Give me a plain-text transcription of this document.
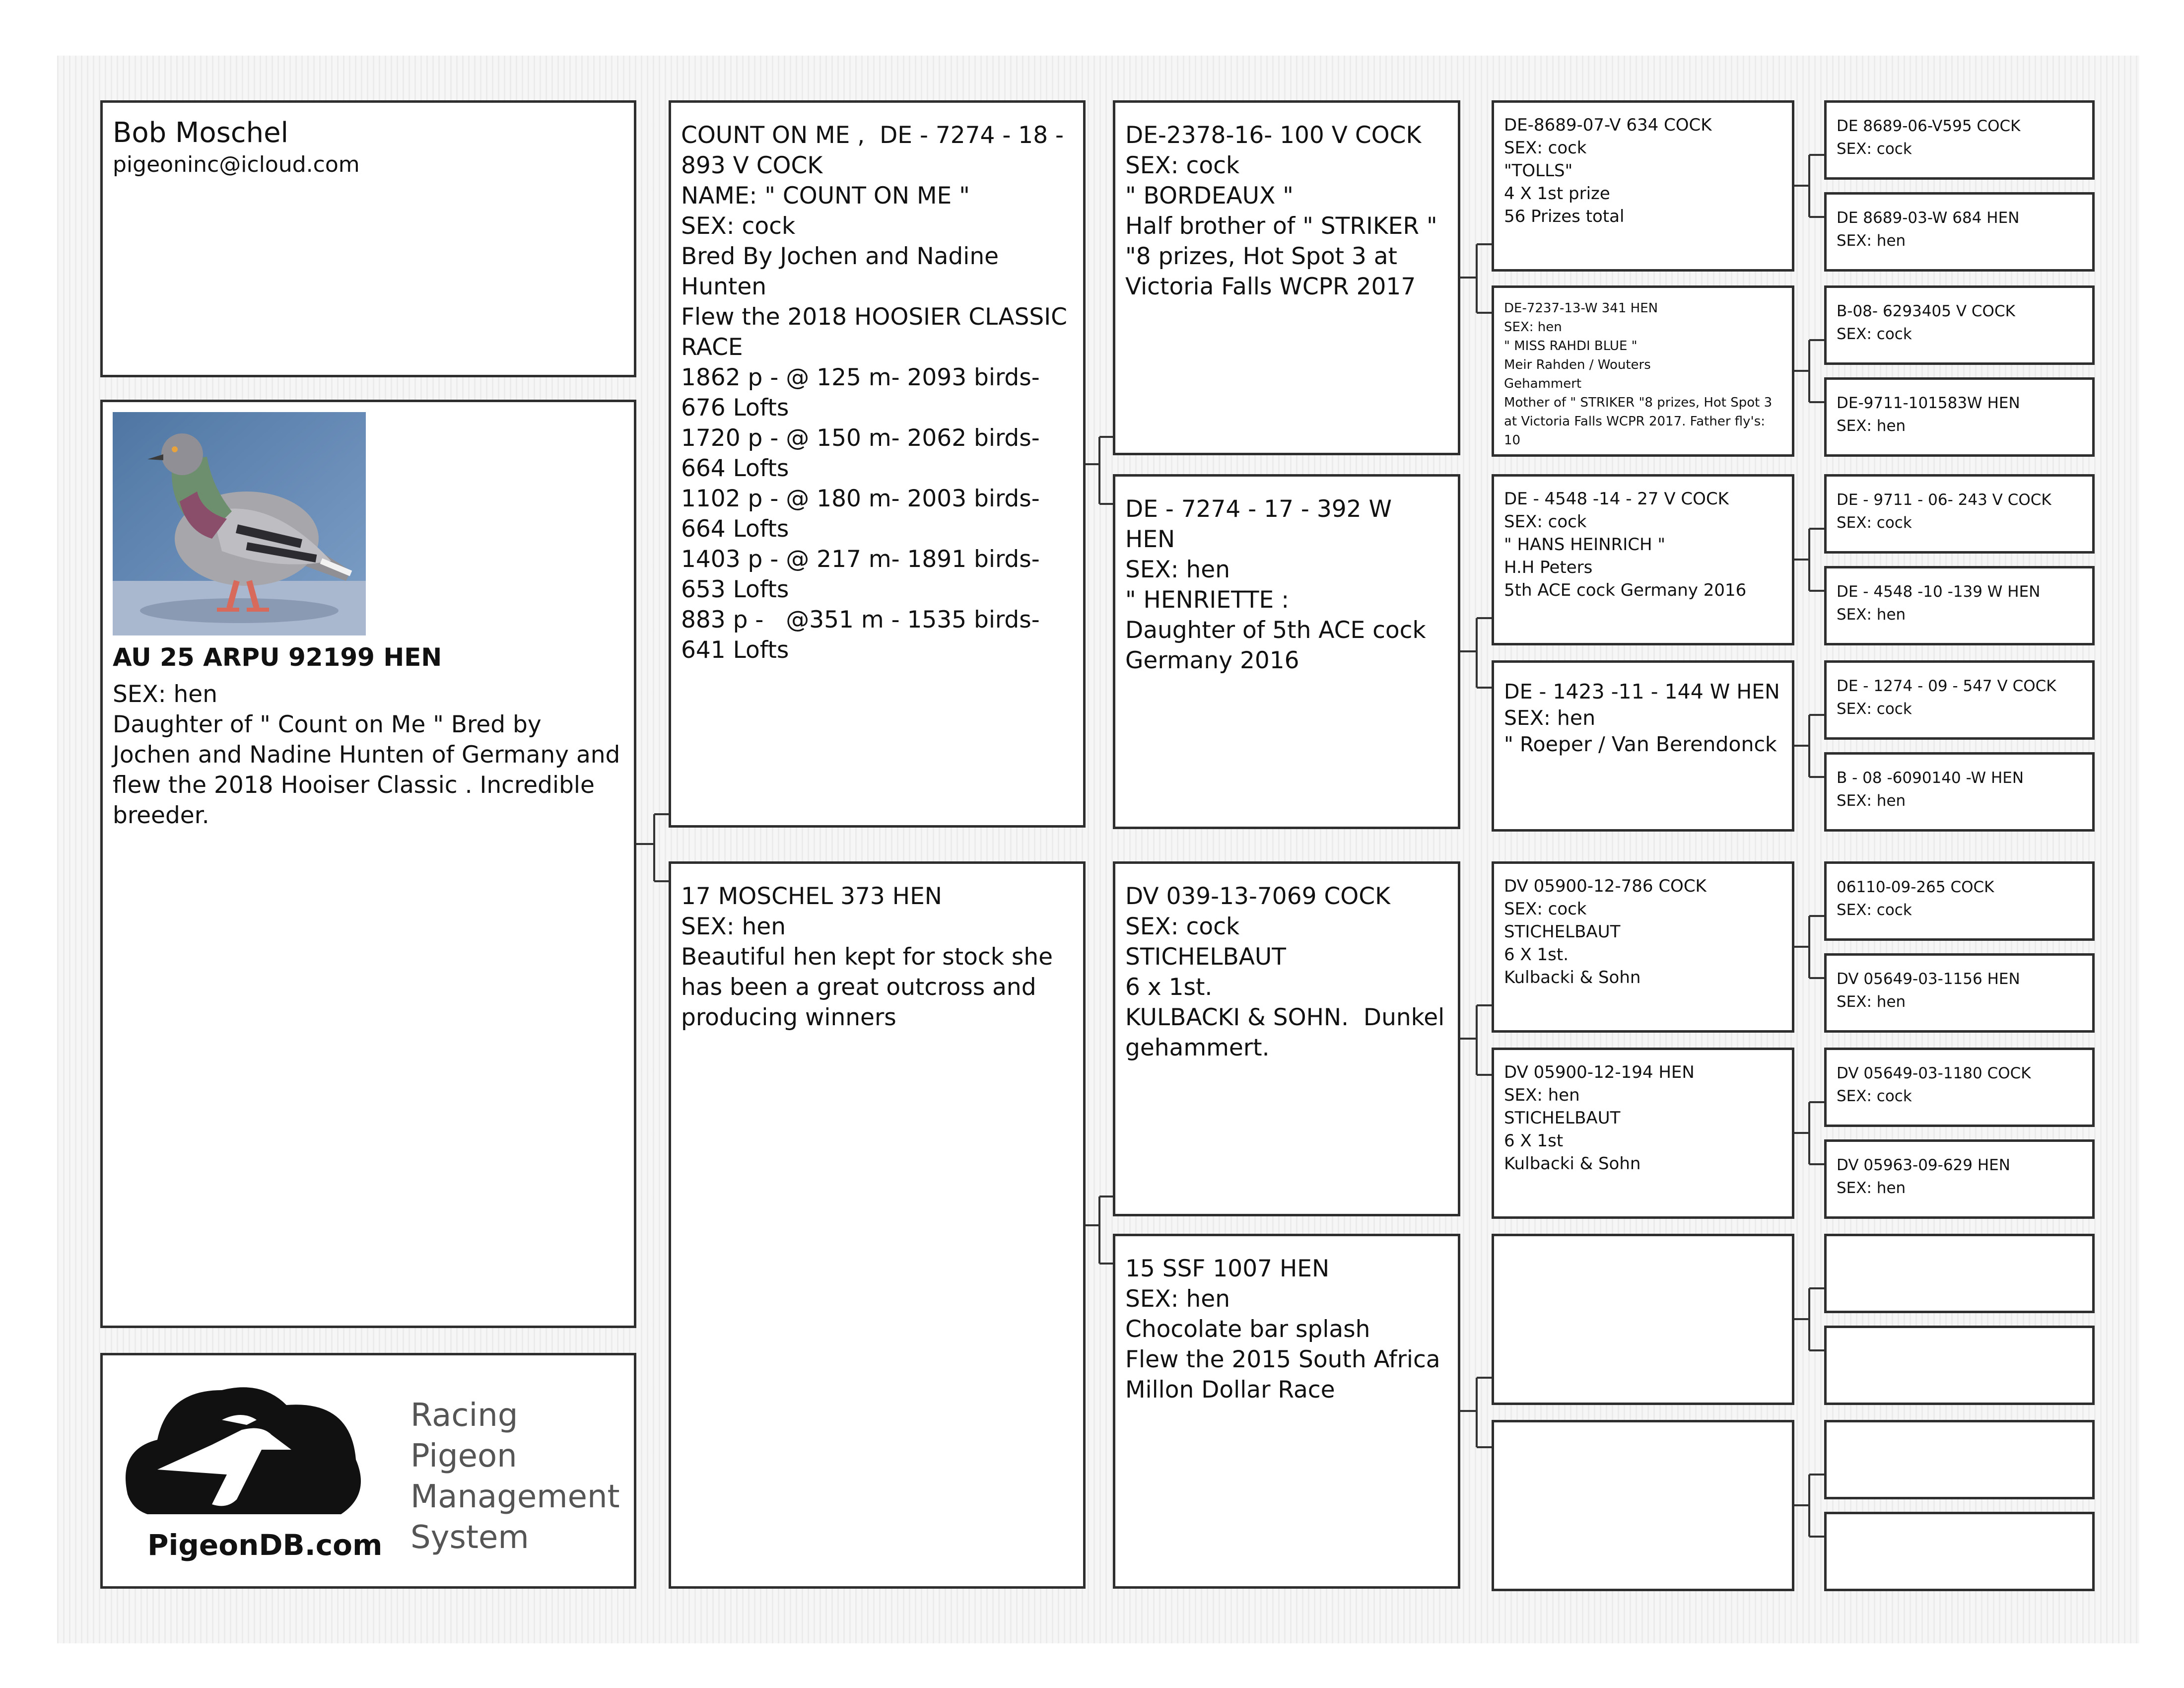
Bob Moschel
pigeoninc@icloud.com
AU 25 ARPU 92199 HEN
SEX: hen
Daughter of " Count on Me " Bred by Jochen and Nadine Hunten of Germany and flew the 2018 Hooiser Classic . Incredible breeder.
Racing Pigeon
Management
System
PigeonDB.com
COUNT ON ME ,  DE - 7274 - 18 - 893 V COCK
NAME: " COUNT ON ME "
SEX: cock
Bred By Jochen and Nadine Hunten
Flew the 2018 HOOSIER CLASSIC RACE
1862 p - @ 125 m- 2093 birds- 676 Lofts
1720 p - @ 150 m- 2062 birds- 664 Lofts
1102 p - @ 180 m- 2003 birds- 664 Lofts
1403 p - @ 217 m- 1891 birds- 653 Lofts
883 p -   @351 m - 1535 birds- 641 Lofts
17 MOSCHEL 373 HEN
SEX: hen
Beautiful hen kept for stock she has been a great outcross and producing winners
DE-2378-16- 100 V COCK
SEX: cock
" BORDEAUX "
Half brother of " STRIKER " "8 prizes, Hot Spot 3 at Victoria Falls WCPR 2017
DE - 7274 - 17 - 392 W HEN
SEX: hen
" HENRIETTE :
Daughter of 5th ACE cock Germany 2016
DV 039-13-7069 COCK
SEX: cock
STICHELBAUT
6 x 1st.
KULBACKI & SOHN.  Dunkel gehammert.
15 SSF 1007 HEN
SEX: hen
Chocolate bar splash
Flew the 2015 South Africa Millon Dollar Race
DE-8689-07-V 634 COCK
SEX: cock
"TOLLS"
4 X 1st prize
56 Prizes total
DE-7237-13-W 341 HEN
SEX: hen
" MISS RAHDI BLUE "
Meir Rahden / Wouters
Gehammert
Mother of " STRIKER "8 prizes, Hot Spot 3 at Victoria Falls WCPR 2017. Father fly's: 10
DE - 4548 -14 - 27 V COCK
SEX: cock
" HANS HEINRICH "
H.H Peters
5th ACE cock Germany 2016
DE - 1423 -11 - 144 W HEN
SEX: hen
" Roeper / Van Berendonck
DV 05900-12-786 COCK
SEX: cock
STICHELBAUT
6 X 1st.
Kulbacki & Sohn
DV 05900-12-194 HEN
SEX: hen
STICHELBAUT
6 X 1st
Kulbacki & Sohn
DE 8689-06-V595 COCK
SEX: cock
DE 8689-03-W 684 HEN
SEX: hen
B-08- 6293405 V COCK
SEX: cock
DE-9711-101583W HEN
SEX: hen
DE - 9711 - 06- 243 V COCK
SEX: cock
DE - 4548 -10 -139 W HEN
SEX: hen
DE - 1274 - 09 - 547 V COCK
SEX: cock
B - 08 -6090140 -W HEN
SEX: hen
06110-09-265 COCK
SEX: cock
DV 05649-03-1156 HEN
SEX: hen
DV 05649-03-1180 COCK
SEX: cock
DV 05963-09-629 HEN
SEX: hen
